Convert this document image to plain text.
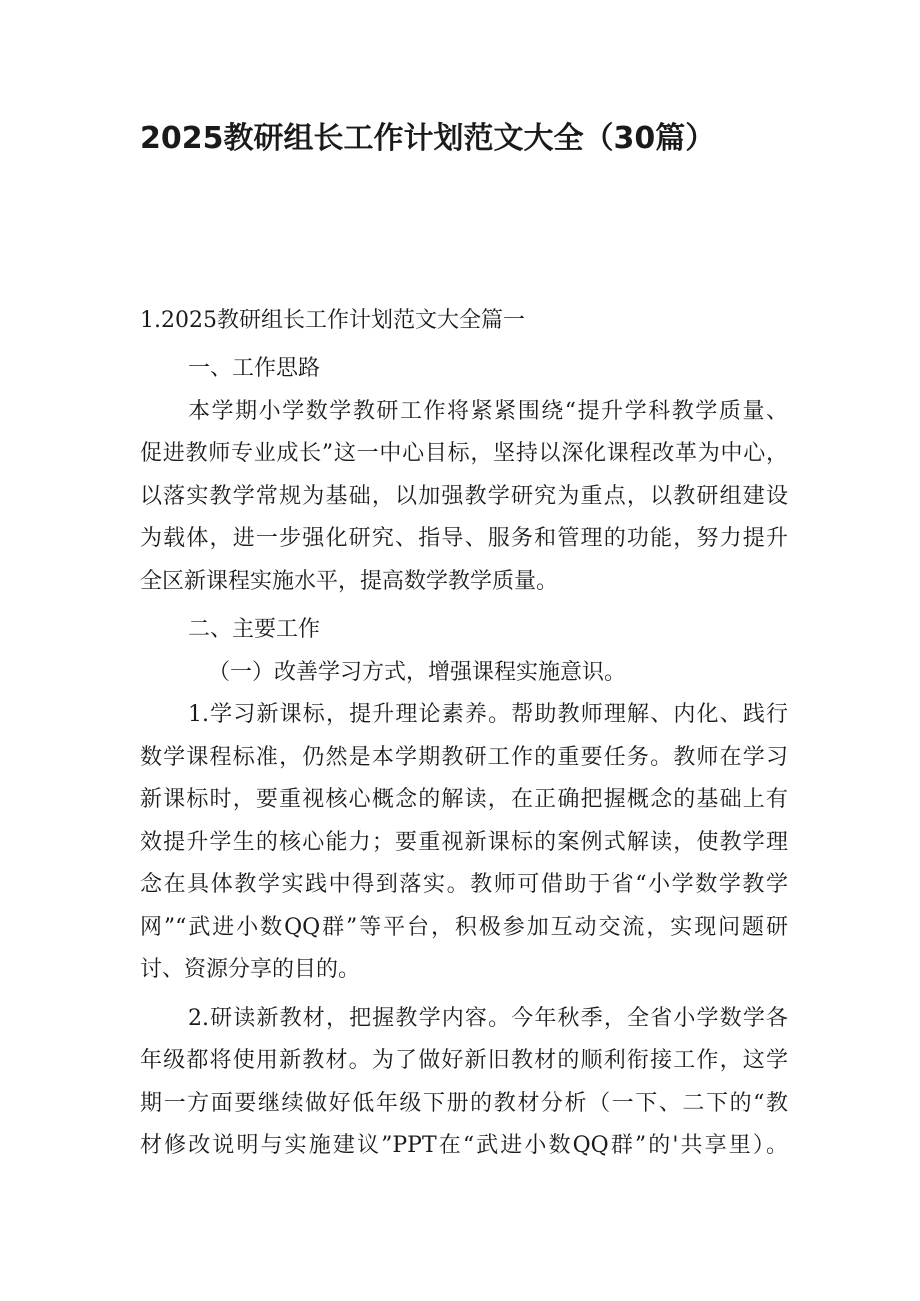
2025教研组长工作计划范文大全（30篇）
1.2025教研组长工作计划范文大全篇一
一、工作思路
本学期小学数学教研工作将紧紧围绕“提升学科教学质量、
促进教师专业成长”这一中心目标，坚持以深化课程改革为中心，
以落实教学常规为基础，以加强教学研究为重点，以教研组建设
为载体，进一步强化研究、指导、服务和管理的功能，努力提升
全区新课程实施水平，提高数学教学质量。
二、主要工作
（一）改善学习方式，增强课程实施意识。
1.学习新课标，提升理论素养。帮助教师理解、内化、践行
数学课程标准，仍然是本学期教研工作的重要任务。教师在学习
新课标时，要重视核心概念的解读，在正确把握概念的基础上有
效提升学生的核心能力；要重视新课标的案例式解读，使教学理
念在具体教学实践中得到落实。教师可借助于省“小学数学教学
网”“武进小数QQ群”等平台，积极参加互动交流，实现问题研
讨、资源分享的目的。
2.研读新教材，把握教学内容。今年秋季，全省小学数学各
年级都将使用新教材。为了做好新旧教材的顺利衔接工作，这学
期一方面要继续做好低年级下册的教材分析（一下、二下的“教
材修改说明与实施建议”PPT在“武进小数QQ群”的'共享里）。
